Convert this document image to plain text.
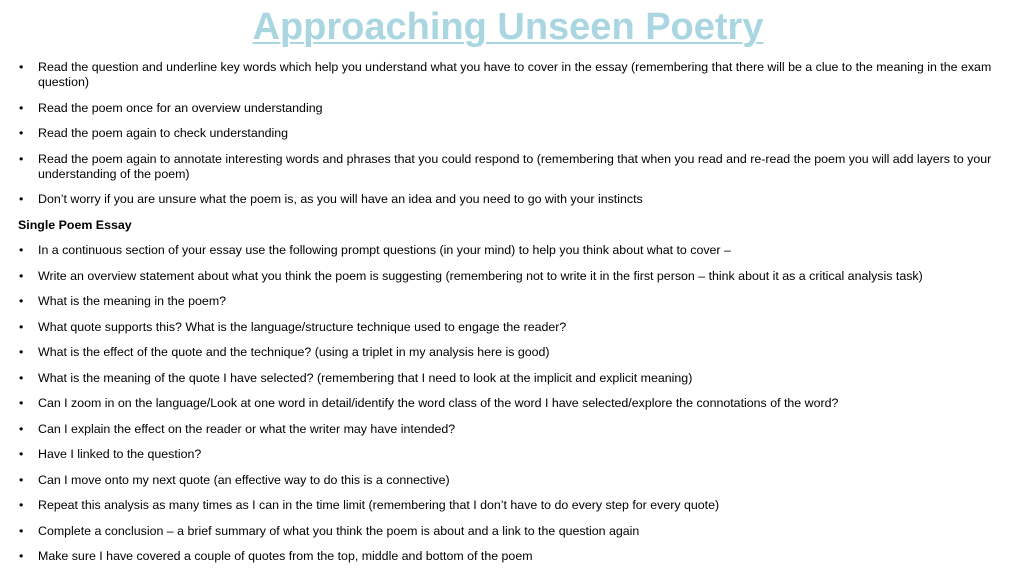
Approaching Unseen Poetry
• Read the question and underline key words which help you understand what you have to cover in the essay (remembering that there will be a clue to the meaning in the exam question)
• Read the poem once for an overview understanding
• Read the poem again to check understanding
• Read the poem again to annotate interesting words and phrases that you could respond to (remembering that when you read and re-read the poem you will add layers to your understanding of the poem)
• Don’t worry if you are unsure what the poem is, as you will have an idea and you need to go with your instincts
Single Poem Essay
• In a continuous section of your essay use the following prompt questions (in your mind) to help you think about what to cover –
• Write an overview statement about what you think the poem is suggesting (remembering not to write it in the first person – think about it as a critical analysis task)
• What is the meaning in the poem?
• What quote supports this? What is the language/structure technique used to engage the reader?
• What is the effect of the quote and the technique? (using a triplet in my analysis here is good)
• What is the meaning of the quote I have selected? (remembering that I need to look at the implicit and explicit meaning)
• Can I zoom in on the language/Look at one word in detail/identify the word class of the word I have selected/explore the connotations of the word?
• Can I explain the effect on the reader or what the writer may have intended?
• Have I linked to the question?
• Can I move onto my next quote (an effective way to do this is a connective)
• Repeat this analysis as many times as I can in the time limit (remembering that I don’t have to do every step for every quote)
• Complete a conclusion – a brief summary of what you think the poem is about and a link to the question again
• Make sure I have covered a couple of quotes from the top, middle and bottom of the poem
